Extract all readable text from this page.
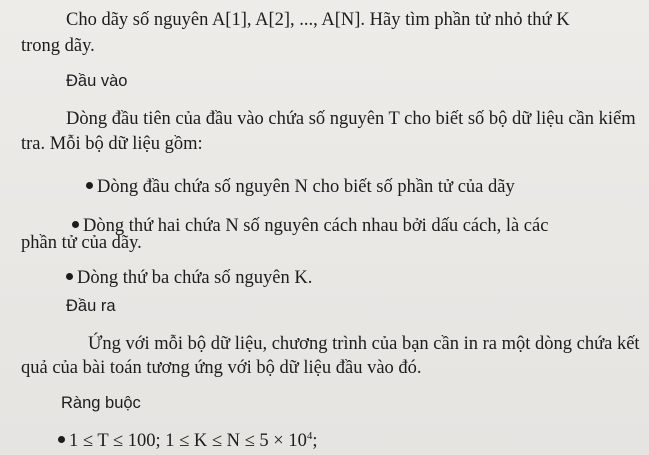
Cho dãy số nguyên A[1], A[2], ..., A[N]. Hãy tìm phần tử nhỏ thứ K

trong dãy.

Đầu vào

Dòng đầu tiên của đầu vào chứa số nguyên T cho biết số bộ dữ liệu cần kiểm

tra. Mỗi bộ dữ liệu gồm:

Dòng đầu chứa số nguyên N cho biết số phần tử của dãy
Dòng thứ hai chứa N số nguyên cách nhau bởi dấu cách, là các

phần tử của dãy.

Dòng thứ ba chứa số nguyên K.

Đầu ra

Ứng với mỗi bộ dữ liệu, chương trình của bạn cần in ra một dòng chứa kết

quả của bài toán tương ứng với bộ dữ liệu đầu vào đó.

Ràng buộc

1 ≤ T ≤ 100; $1 \le K \le N \le 5 \times 10^4$;
